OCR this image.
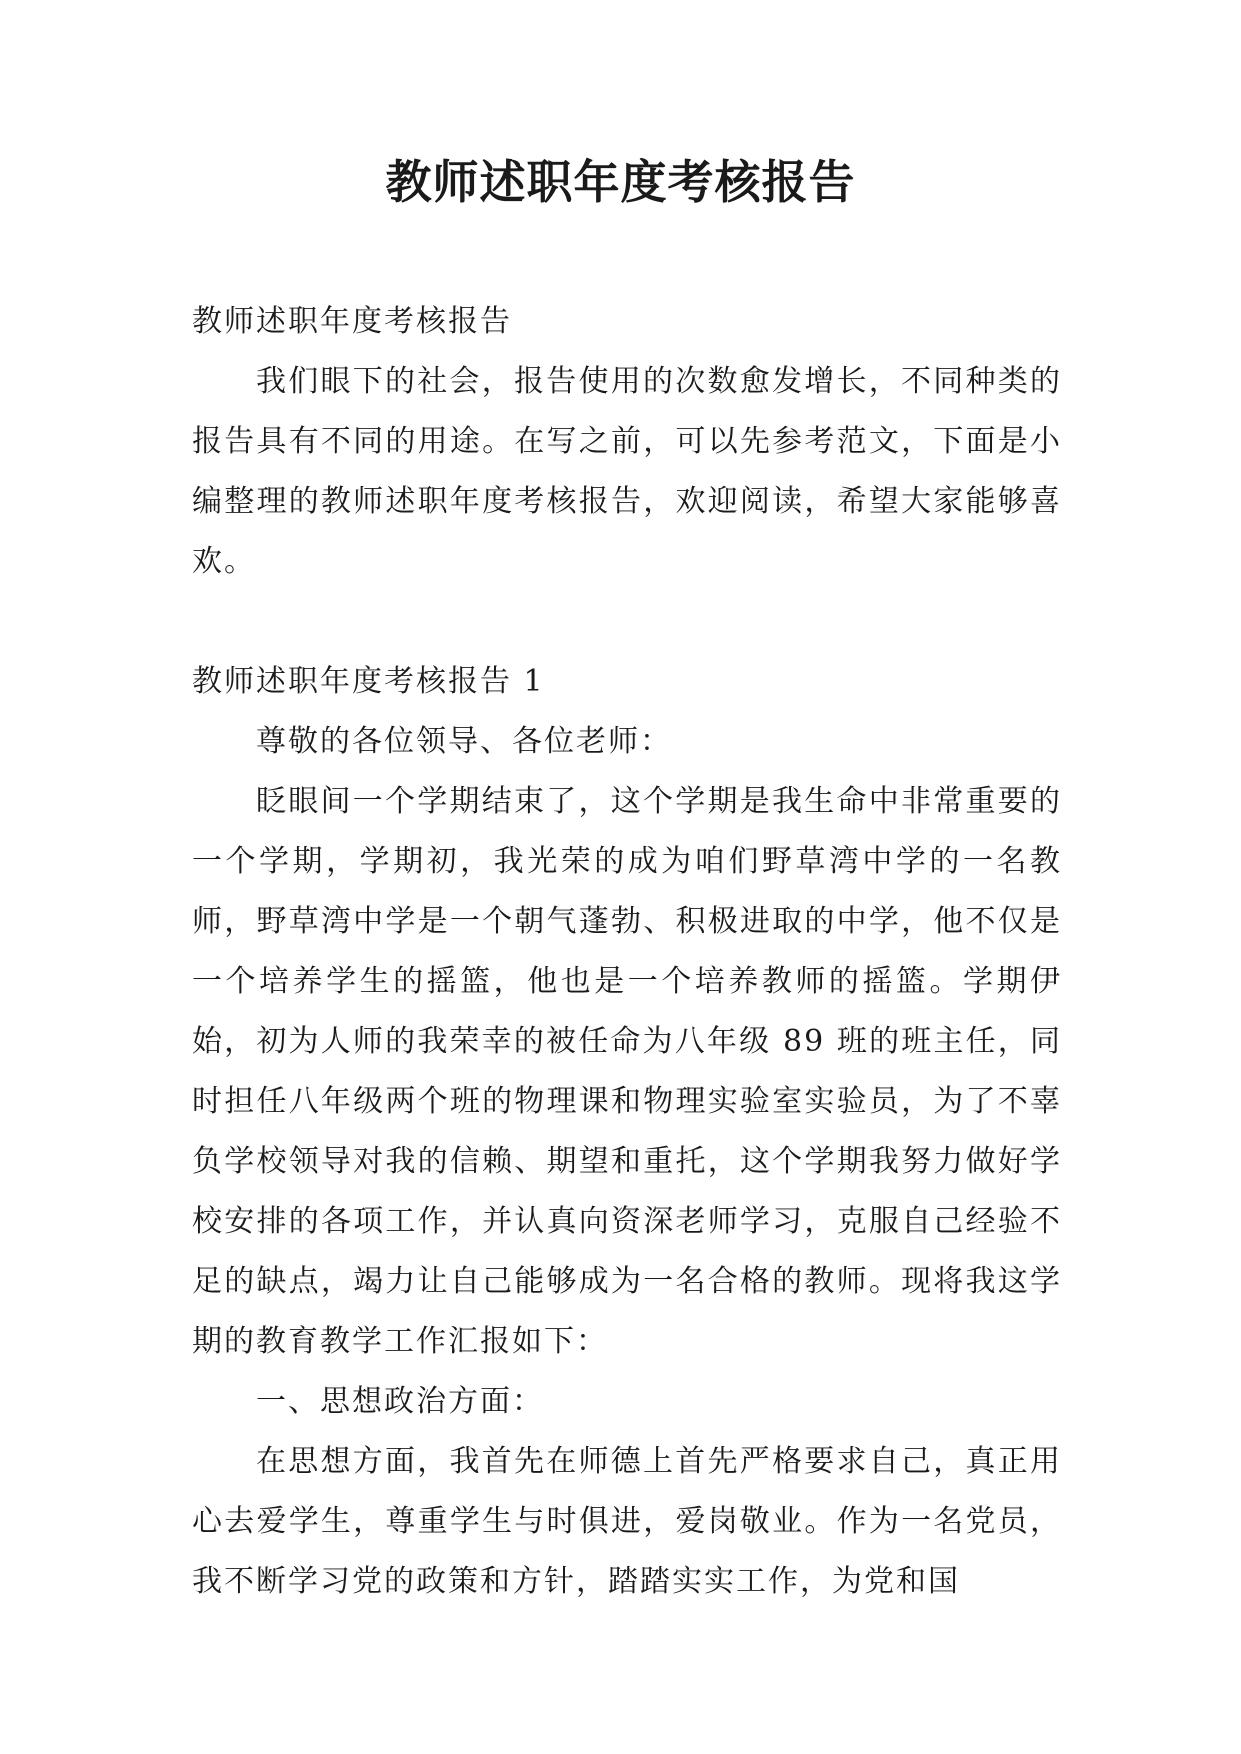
教师述职年度考核报告

教师述职年度考核报告

我们眼下的社会，报告使用的次数愈发增长，不同种类的报告具有不同的用途。在写之前，可以先参考范文，下面是小编整理的教师述职年度考核报告，欢迎阅读，希望大家能够喜欢。

教师述职年度考核报告 1

尊敬的各位领导、各位老师：

眨眼间一个学期结束了，这个学期是我生命中非常重要的一个学期，学期初，我光荣的成为咱们野草湾中学的一名教师，野草湾中学是一个朝气蓬勃、积极进取的中学，他不仅是一个培养学生的摇篮，他也是一个培养教师的摇篮。学期伊始，初为人师的我荣幸的被任命为八年级 89 班的班主任，同时担任八年级两个班的物理课和物理实验室实验员，为了不辜负学校领导对我的信赖、期望和重托，这个学期我努力做好学校安排的各项工作，并认真向资深老师学习，克服自己经验不足的缺点，竭力让自己能够成为一名合格的教师。现将我这学期的教育教学工作汇报如下：

一、思想政治方面：

在思想方面，我首先在师德上首先严格要求自己，真正用心去爱学生，尊重学生与时俱进，爱岗敬业。作为一名党员，我不断学习党的政策和方针，踏踏实实工作，为党和国
